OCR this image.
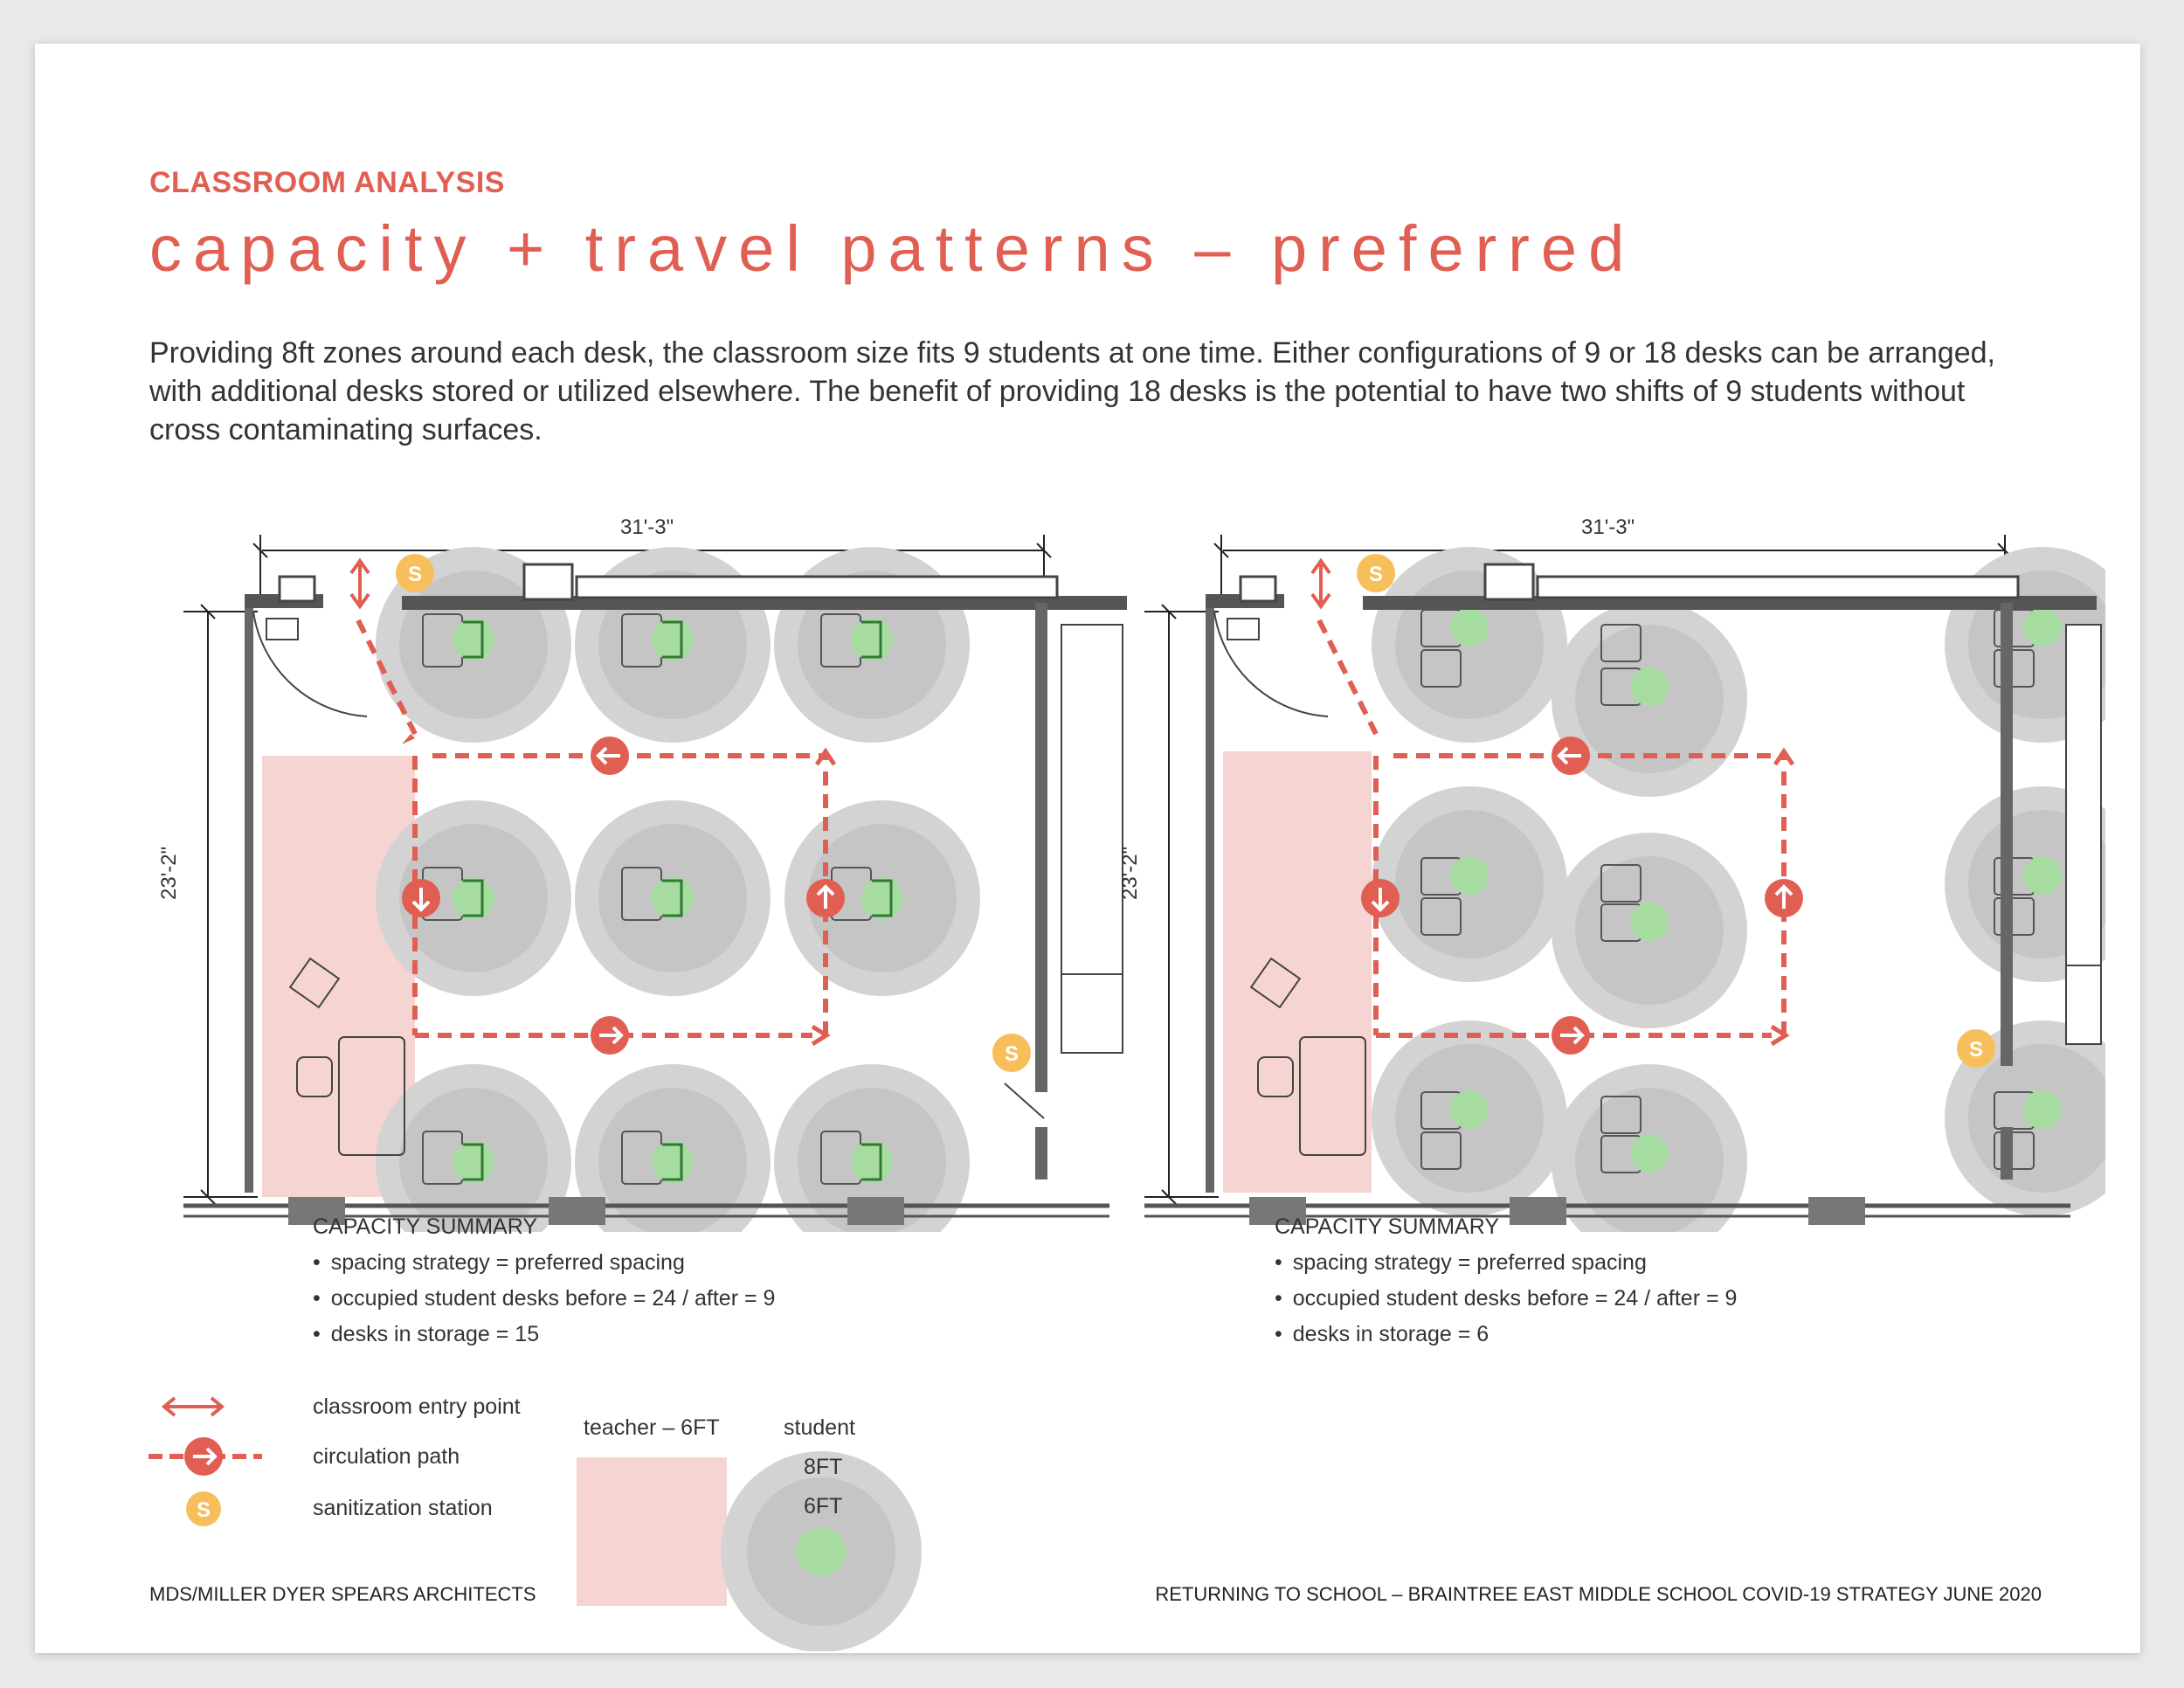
CLASSROOM ANALYSIS
capacity + travel patterns – preferred
Providing 8ft zones around each desk, the classroom size fits 9 students at one time. Either configurations of 9 or 18 desks can be arranged, with additional desks stored or utilized elsewhere. The benefit of providing 18 desks is the potential to have two shifts of 9 students without cross contaminating surfaces.
S
S
31'-3"
23'-2"
S
S
31'-3"
23'-2"
CAPACITY SUMMARY
• spacing strategy = preferred spacing
• occupied student desks before = 24 / after = 9
• desks in storage = 15
CAPACITY SUMMARY
• spacing strategy = preferred spacing
• occupied student desks before = 24 / after = 9
• desks in storage = 6
S
classroom entry point
circulation path
sanitization station
teacher – 6FT	student
8FT
6FT
MDS/MILLER DYER SPEARS ARCHITECTS	RETURNING TO SCHOOL – BRAINTREE EAST MIDDLE SCHOOL COVID-19 STRATEGY JUNE 2020
